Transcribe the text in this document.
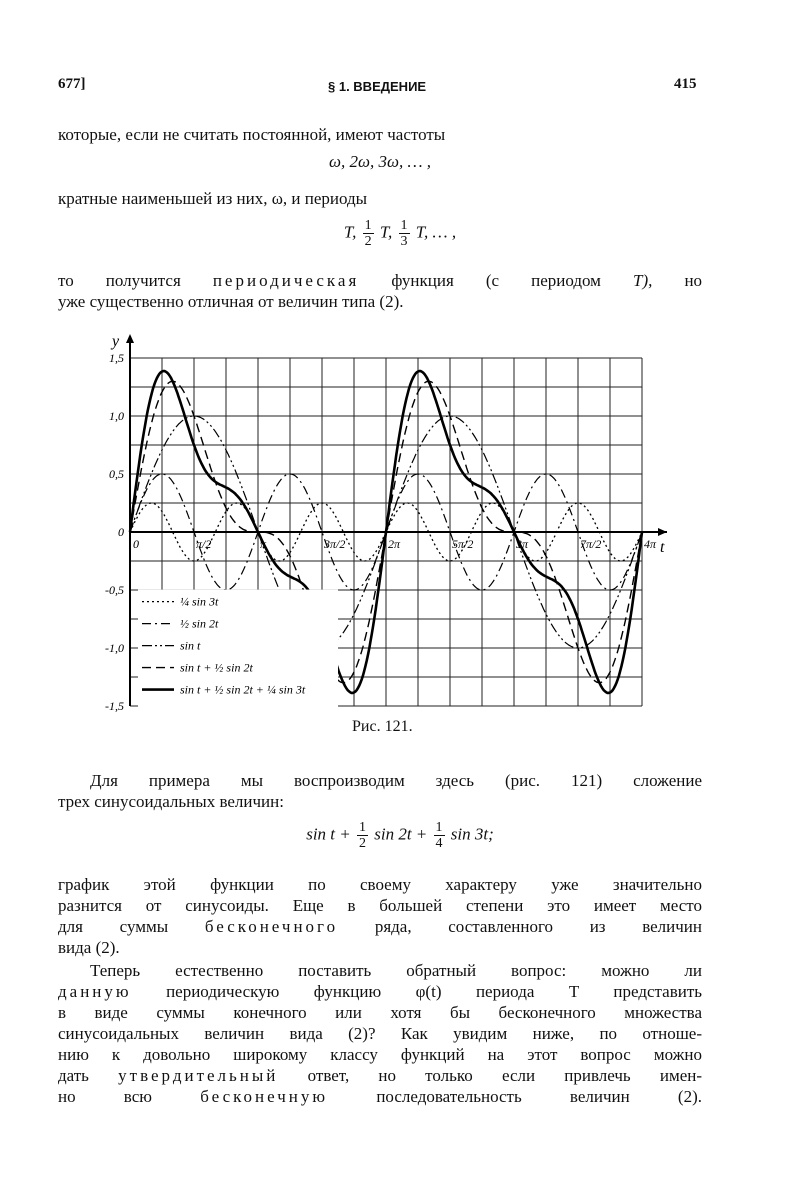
677]	§ 1. ВВЕДЕНИЕ	415
которые, если не считать постоянной, имеют частоты
ω, 2ω, 3ω, … ,
кратные наименьшей из них, ω, и периоды
T, $\frac{1}{2} T$, $\frac{1}{3} T$, … ,
то получится периодическая функция (с периодом T), но
уже существенно отличная от величин типа (2).
t
y
1,5
1,0
0,5
0
-0,5
-1,0
-1,5
0	π/2	π	3π/2	2π	5π/2	3π	7π/2	4π
¼ sin 3t
½ sin 2t
sin t
sin t + ½ sin 2t
sin t + ½ sin 2t + ¼ sin 3t
Рис. 121.
Для примера мы воспроизводим здесь (рис. 121) сложение
трех синусоидальных величин:
$\sin t + \frac{1}{2}$ $\sin 2t + \frac{1}{4}$ sin 3t;
график этой функции по своему характеру уже значительно
разнится от синусоиды. Еще в большей степени это имеет место
для суммы бесконечного ряда, составленного из величин
вида (2).
Теперь естественно поставить обратный вопрос: можно ли
данную периодическую функцию φ(t) периода T представить
в виде суммы конечного или хотя бы бесконечного множества
синусоидальных величин вида (2)? Как увидим ниже, по отноше-
нию к довольно широкому классу функций на этот вопрос можно
дать утвердительный ответ, но только если привлечь имен-
но всю	бесконечную	последовательность величин (2).
